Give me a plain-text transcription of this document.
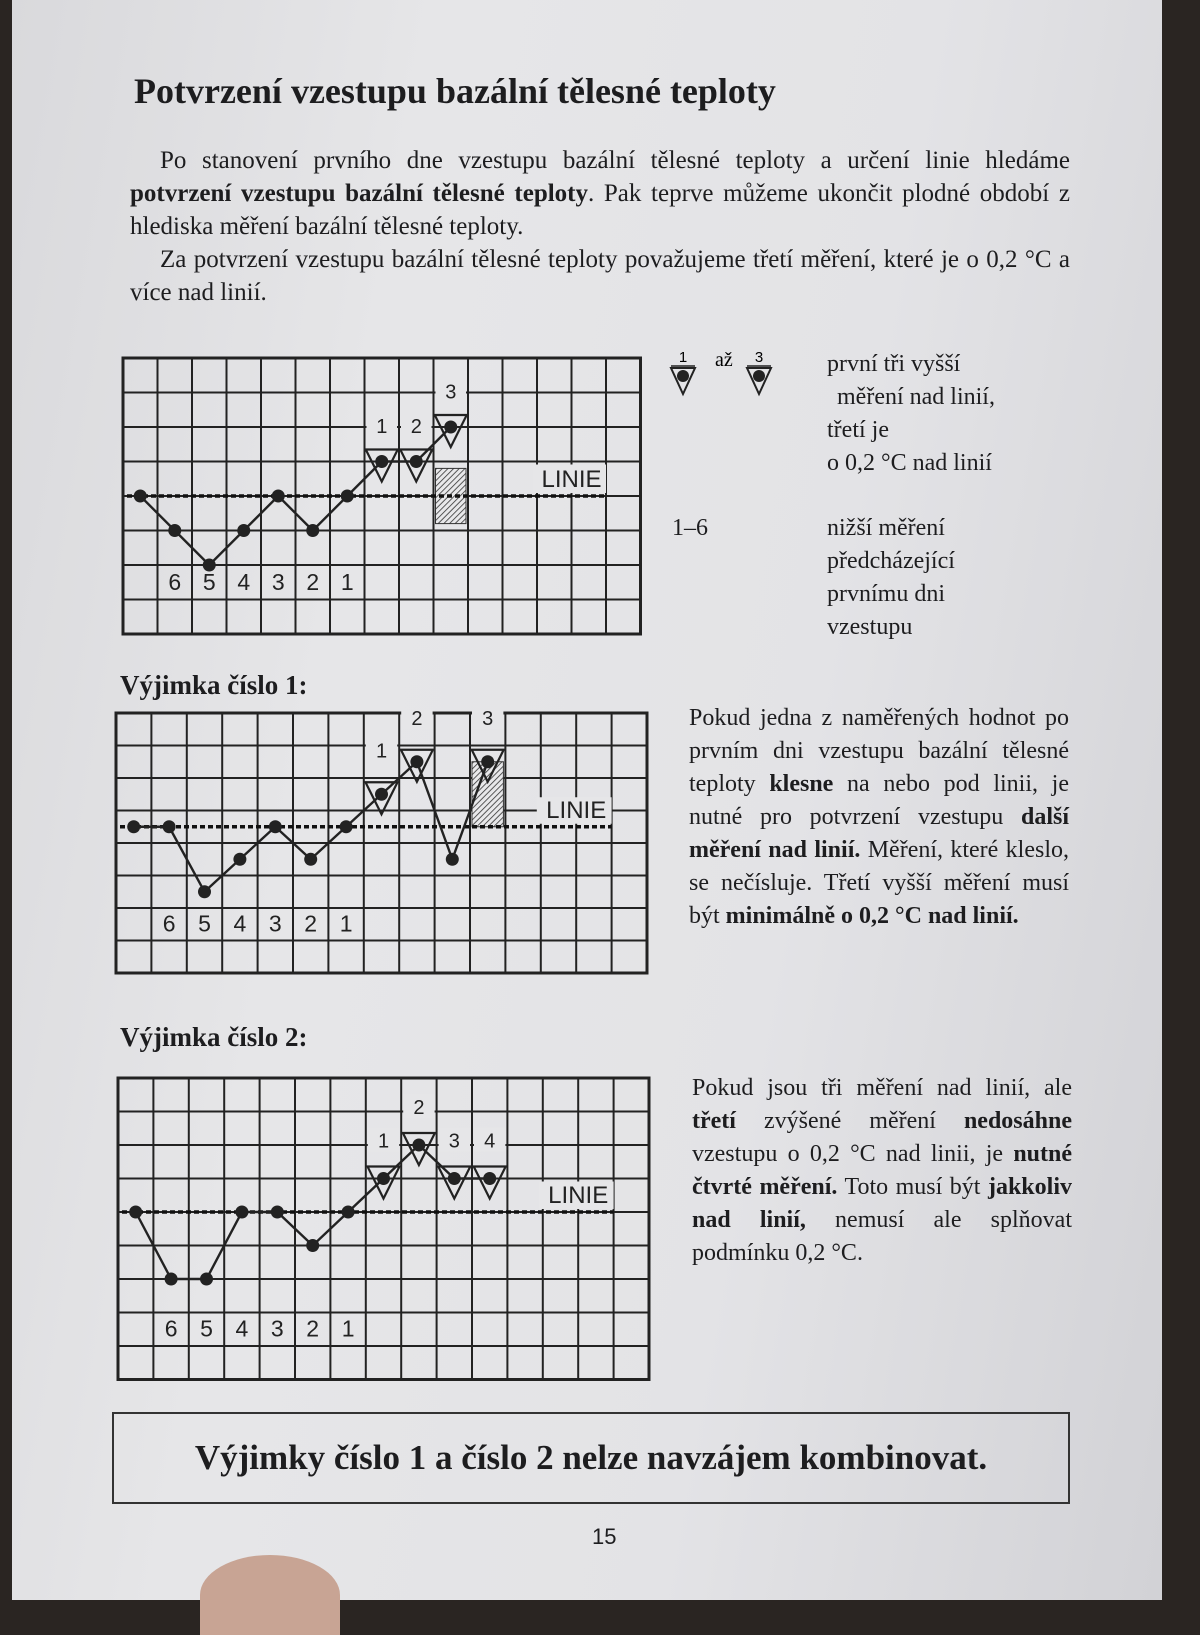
Potvrzení vzestupu bazální tělesné teploty

Po stanovení prvního dne vzestupu bazální tělesné teploty a určení linie hledáme potvrzení vzestupu bazální tělesné teploty. Pak teprve můžeme ukončit plodné období z hlediska měření bazální tělesné teploty.

Za potvrzení vzestupu bazální tělesné teploty považujeme třetí měření, které je o 0,2 °C a více nad linií.

LINIE
1 2
3
6 5 4 3 2 1
1 až 3	první tři vyšší
měření nad linií,
třetí je
o 0,2 °C nad linií
1–6	nižší měření
předcházející
prvnímu dni
vzestupu
Výjimka číslo 1:
LINIE
1
2	3
6 5 4 3 2 1
Pokud jedna z naměřených hodnot po prvním dni vzestupu bazální tělesné teploty klesne na nebo pod linii, je nutné pro potvrzení vzestupu další měření nad linií. Měření, které kleslo, se nečísluje. Třetí vyšší měření musí být minimálně o 0,2 °C nad linií.
Výjimka číslo 2:
LINIE
1
2
3 4
6 5 4 3 2 1
Pokud jsou tři měření nad linií, ale třetí zvýšené měření nedosáhne vzestupu o 0,2 °C nad linii, je nutné čtvrté měření. Toto musí být jakkoliv nad linií, nemusí ale splňovat podmínku 0,2 °C.
Výjimky číslo 1 a číslo 2 nelze navzájem kombinovat.
15
